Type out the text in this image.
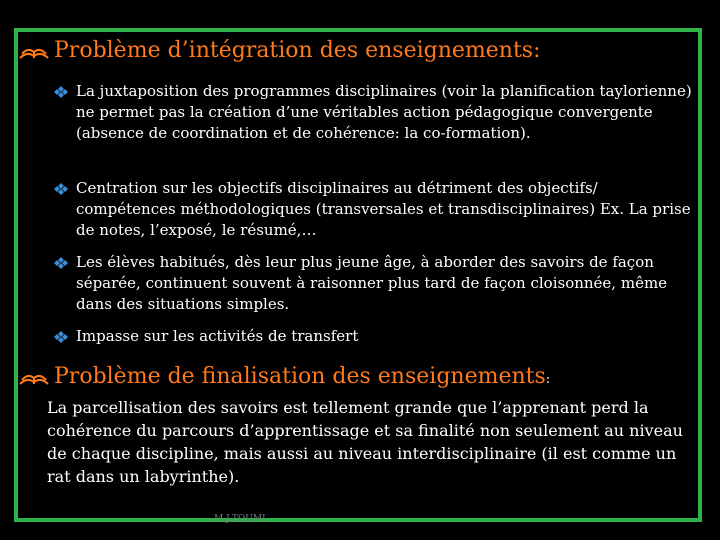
Problème d’intégration des enseignements:
La juxtaposition des programmes disciplinaires (voir la planification taylorienne) ne permet pas la création d’une véritables action pédagogique convergente (absence de coordination et de cohérence: la co-formation).
Centration sur les objectifs disciplinaires au détriment des objectifs/ compétences méthodologiques (transversales et transdisciplinaires) Ex. La prise de notes, l’exposé, le résumé,…
Les élèves habitués, dès leur plus jeune âge, à aborder des savoirs de façon séparée, continuent souvent à raisonner plus tard de façon cloisonnée, même dans des situations simples.
Impasse sur les activités de transfert
Problème de finalisation des enseignements:
La parcellisation des savoirs est tellement grande que l’apprenant perd la cohérence du parcours d’apprentissage et sa finalité non seulement au niveau de chaque discipline, mais aussi au niveau interdisciplinaire (il est comme un rat dans un labyrinthe).
M.J.TOUMI
